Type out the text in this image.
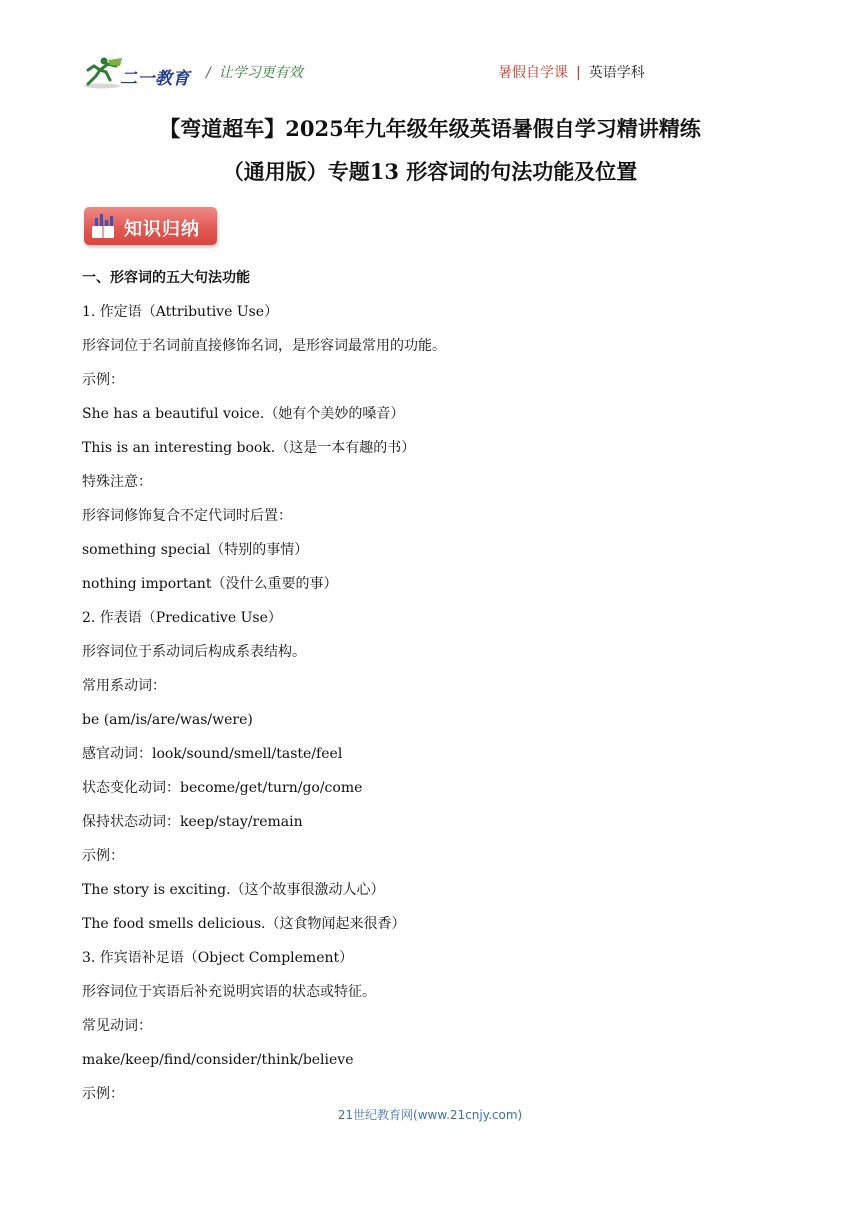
二一教育 / 让学习更有效	暑假自学课 | 英语学科
【弯道超车】2025年九年级年级英语暑假自学习精讲精练
（通用版）专题13 形容词的句法功能及位置
知识归纳
一、形容词的五大句法功能
1. 作定语（Attributive Use）
形容词位于名词前直接修饰名词，是形容词最常用的功能。
示例：
She has a beautiful voice.（她有个美妙的嗓音）
This is an interesting book.（这是一本有趣的书）
特殊注意：
形容词修饰复合不定代词时后置：
something special（特别的事情）
nothing important（没什么重要的事）
2. 作表语（Predicative Use）
形容词位于系动词后构成系表结构。
常用系动词：
be (am/is/are/was/were)
感官动词：look/sound/smell/taste/feel
状态变化动词：become/get/turn/go/come
保持状态动词：keep/stay/remain
示例：
The story is exciting.（这个故事很激动人心）
The food smells delicious.（这食物闻起来很香）
3. 作宾语补足语（Object Complement）
形容词位于宾语后补充说明宾语的状态或特征。
常见动词：
make/keep/find/consider/think/believe
示例：
21世纪教育网(www.21cnjy.com)
